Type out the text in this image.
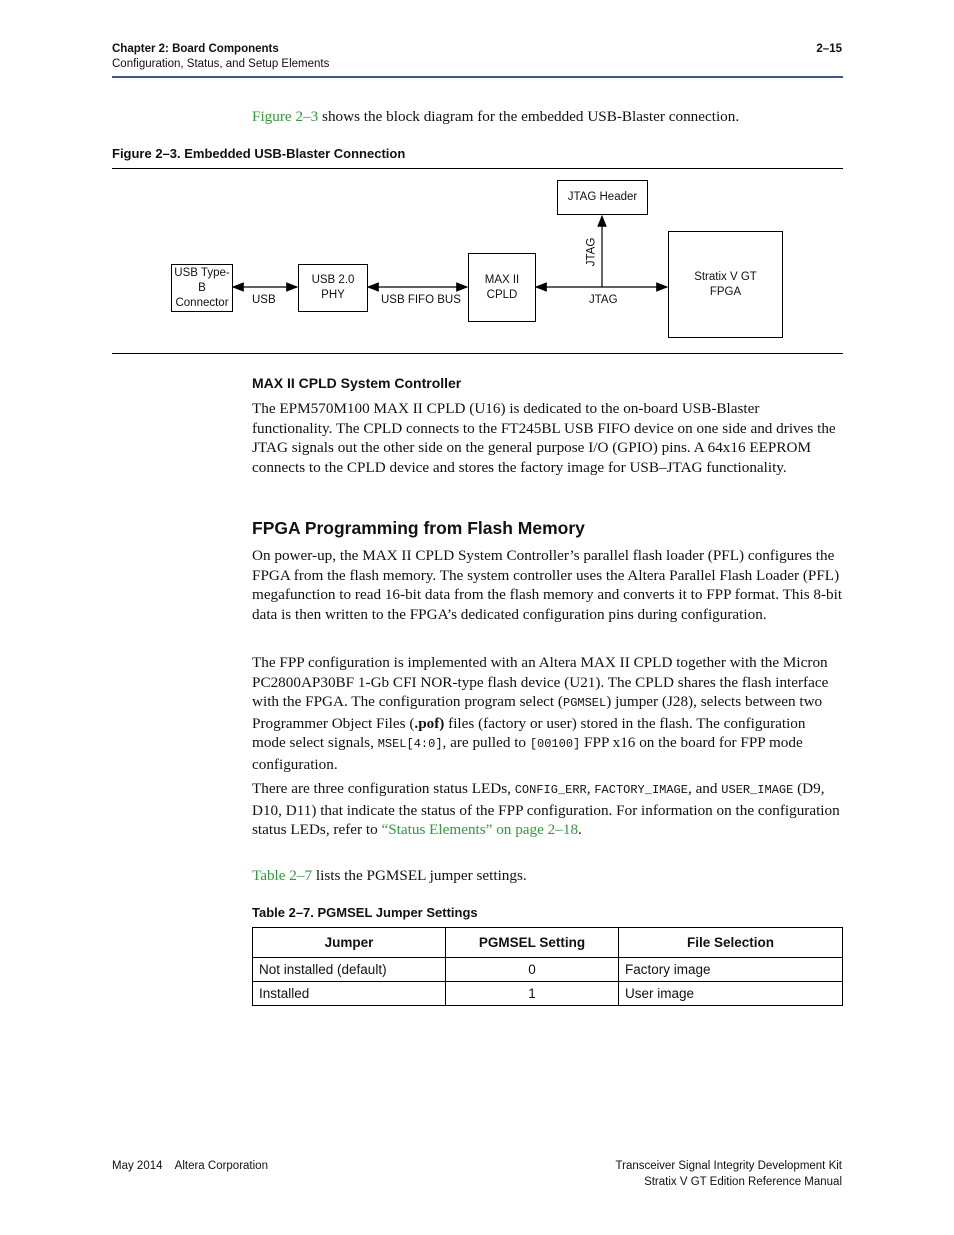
Chapter 2: Board Components
Configuration, Status, and Setup Elements
2–15

Figure 2–3 shows the block diagram for the embedded USB-Blaster connection.

Figure 2–3. Embedded USB-Blaster Connection
USB Type-B
Connector
USB 2.0 PHY
MAX II
CPLD
JTAG Header
Stratix V GT
FPGA
USB	USB FIFO BUS	JTAG
JTAG
MAX II CPLD System Controller

The EPM570M100 MAX II CPLD (U16) is dedicated to the on-board USB-Blaster functionality. The CPLD connects to the FT245BL USB FIFO device on one side and drives the JTAG signals out the other side on the general purpose I/O (GPIO) pins. A 64x16 EEPROM connects to the CPLD device and stores the factory image for USB–JTAG functionality.

FPGA Programming from Flash Memory

On power-up, the MAX II CPLD System Controller’s parallel flash loader (PFL) configures the FPGA from the flash memory. The system controller uses the Altera Parallel Flash Loader (PFL) megafunction to read 16-bit data from the flash memory and converts it to FPP format. This 8-bit data is then written to the FPGA’s dedicated configuration pins during configuration.

The FPP configuration is implemented with an Altera MAX II CPLD together with the Micron PC2800AP30BF 1-Gb CFI NOR-type flash device (U21). The CPLD shares the flash interface with the FPGA. The configuration program select (PGMSEL) jumper (J28), selects between two Programmer Object Files (.pof) files (factory or user) stored in the flash. The configuration mode select signals, MSEL[4:0], are pulled to [00100] FPP x16 on the board for FPP mode configuration.

There are three configuration status LEDs, CONFIG_ERR, FACTORY_IMAGE, and USER_IMAGE (D9, D10, D11) that indicate the status of the FPP configuration. For information on the configuration status LEDs, refer to “Status Elements” on page 2–18.

Table 2–7 lists the PGMSEL jumper settings.

Table 2–7. PGMSEL Jumper Settings
Jumper	PGMSEL Setting	File Selection
Not installed (default)	0	Factory image
Installed	1	User image
May 2014    Altera Corporation	Transceiver Signal Integrity Development Kit
Stratix V GT Edition Reference Manual
